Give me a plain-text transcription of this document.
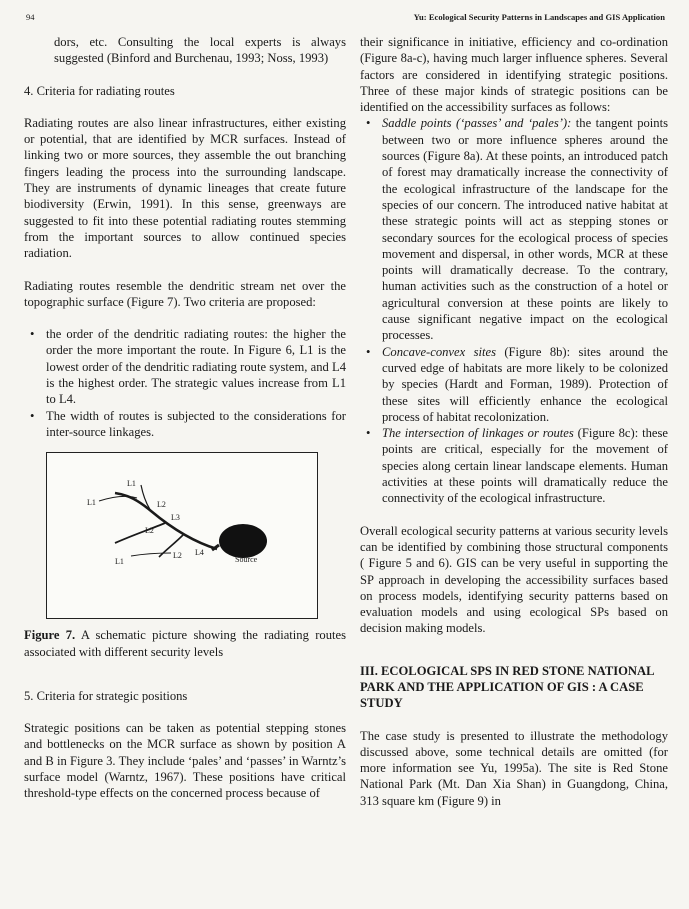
94	Yu: Ecological Security Patterns in Landscapes and GIS Application

dors, etc. Consulting the local experts is always suggested (Binford and Burchenau, 1993; Noss, 1993)

4. Criteria for radiating routes

Radiating routes are also linear infrastructures, either existing or potential, that are identified by MCR surfaces. Instead of linking two or more sources, they assemble the out branching fingers leading the process into the surrounding landscape. They are instruments of dynamic lineages that create future biodiversity (Erwin, 1991). In this sense, greenways are suggested to fit into these potential radiating routes stemming from the important sources to allow continued species radiation.

Radiating routes resemble the dendritic stream net over the topographic surface (Figure 7). Two criteria are proposed:

• the order of the dendritic radiating routes: the higher the order the more important the route. In Figure 6, L1 is the lowest order of the dendritic radiating route system, and L4 is the highest order. The strategic values increase from L1 to L4.
• The width of routes is subjected to the considerations for inter-source linkages.
L1
L1	L2
L3
L2
L1
L2 L4
Source

Figure 7. A schematic picture showing the radiating routes associated with different security levels

5. Criteria for strategic positions

Strategic positions can be taken as potential stepping stones and bottlenecks on the MCR surface as shown by position A and B in Figure 3. They include ‘pales’ and ‘passes’ in Warntz’s surface model (Warntz, 1967). These positions have critical threshold-type effects on the concerned process because of

their significance in initiative, efficiency and co-ordination (Figure 8a-c), having much larger influence spheres. Several factors are considered in identifying strategic positions. Three of these major kinds of strategic positions can be identified on the accessibility surfaces as follows:

• Saddle points (‘passes’ and ‘pales’): the tangent points between two or more influence spheres around the sources (Figure 8a). At these points, an introduced patch of forest may dramatically increase the connectivity of the ecological infrastructure of the landscape for the species of our concern. The introduced native habitat at these strategic points will act as stepping stones or secondary sources for the ecological process of species movement and dispersal, in other words, MCR at these points will dramatically decrease. To the contrary, human activities such as the construction of a hotel or agricultural conversion at these points are likely to cause significant negative impact on the ecological processes.
• Concave-convex sites (Figure 8b): sites around the curved edge of habitats are more likely to be colonized by species (Hardt and Forman, 1989). Protection of these sites will efficiently enhance the ecological process of habitat recolonization.
• The intersection of linkages or routes (Figure 8c): these points are critical, especially for the movement of species along certain linear landscape elements. Human activities at these points will dramatically reduce the connectivity of the ecological infrastructure.

Overall ecological security patterns at various security levels can be identified by combining those structural components ( Figure 5 and 6). GIS can be very useful in supporting the SP approach in developing the accessibility surfaces based on process models, identifying security patterns based on evaluation models and using ecological SPs based on decision making models.

III. ECOLOGICAL SPS IN RED STONE NATIONAL PARK AND THE APPLICATION OF GIS : A CASE STUDY

The case study is presented to illustrate the methodology discussed above, some technical details are omitted (for more information see Yu, 1995a). The site is Red Stone National Park (Mt. Dan Xia Shan) in Guangdong, China, 313 square km (Figure 9) in
